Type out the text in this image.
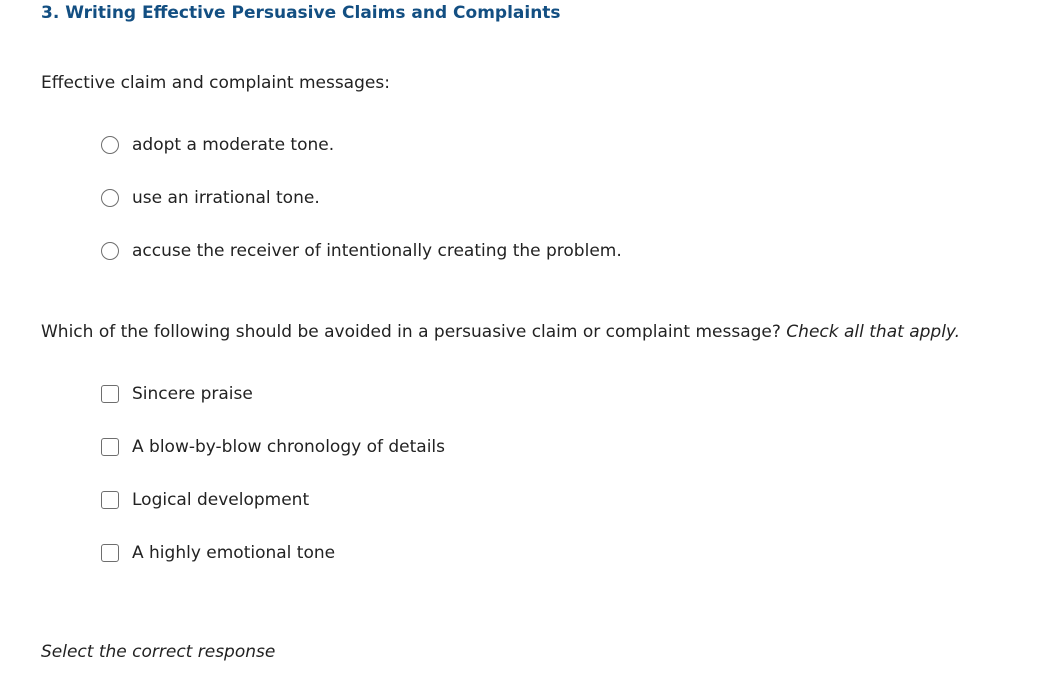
3. Writing Effective Persuasive Claims and Complaints
Effective claim and complaint messages:
adopt a moderate tone.
use an irrational tone.
accuse the receiver of intentionally creating the problem.
Which of the following should be avoided in a persuasive claim or complaint message? Check all that apply.
Sincere praise
A blow-by-blow chronology of details
Logical development
A highly emotional tone
Select the correct response
